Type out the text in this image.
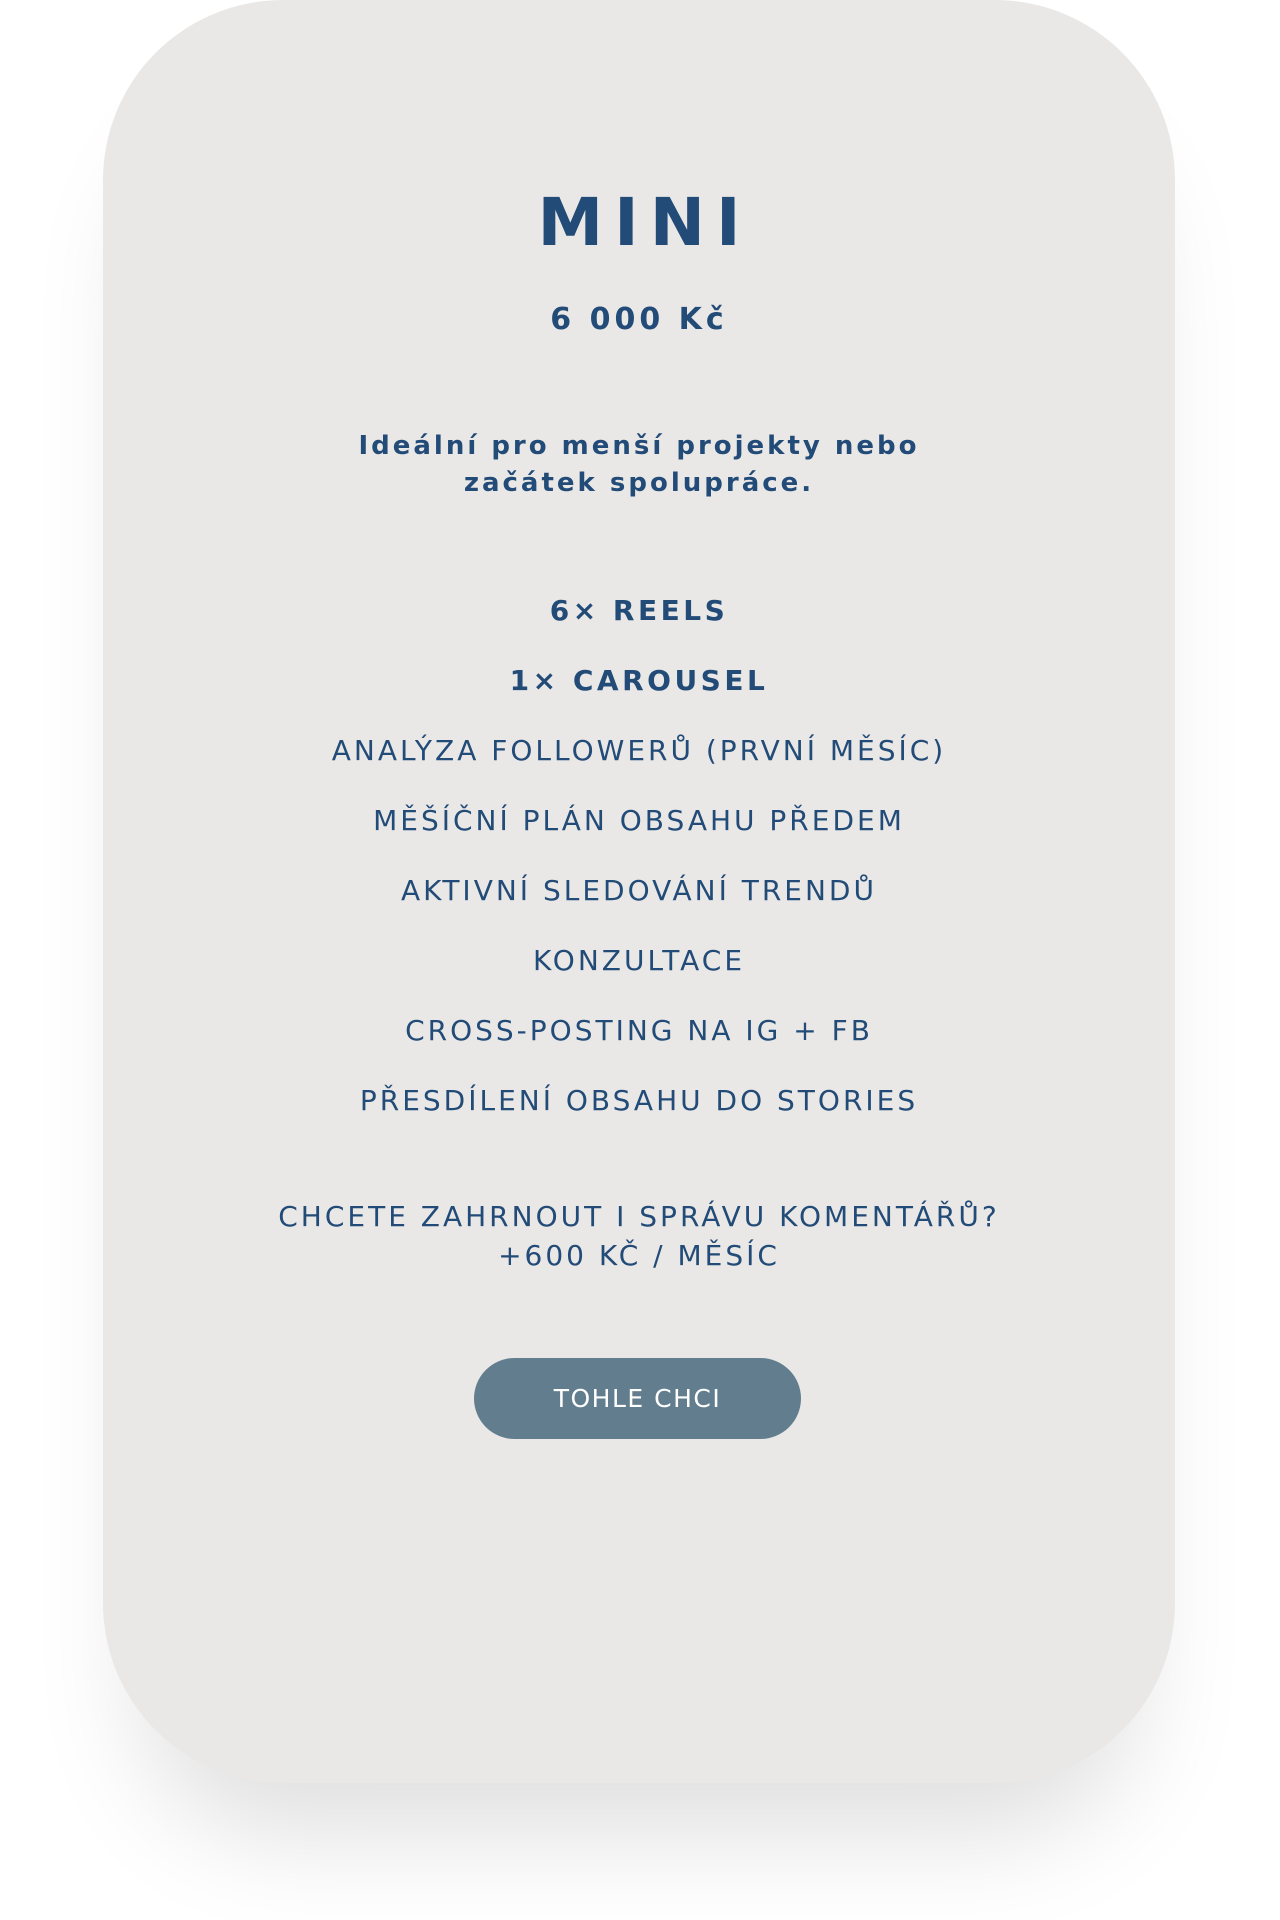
MINI
6 000 Kč
Ideální pro menší projekty nebo
začátek spolupráce.
6× REELS
1× CAROUSEL
ANALÝZA FOLLOWERŮ (PRVNÍ MĚSÍC)
MĚŠÍČNÍ PLÁN OBSAHU PŘEDEM
AKTIVNÍ SLEDOVÁNÍ TRENDŮ
KONZULTACE
CROSS-POSTING NA IG + FB
PŘESDÍLENÍ OBSAHU DO STORIES
CHCETE ZAHRNOUT I SPRÁVU KOMENTÁŘŮ?
+600 KČ / MĚSÍC
TOHLE CHCI
